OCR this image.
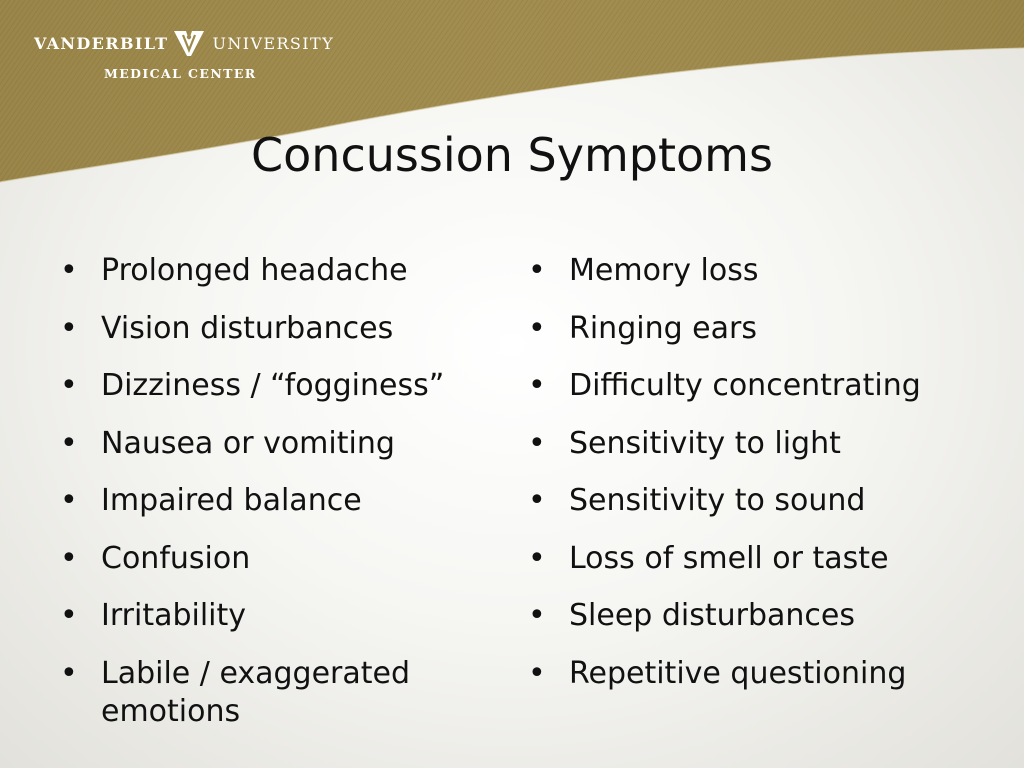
VANDERBILT	UNIVERSITY
MEDICAL CENTER
Concussion Symptoms
• Prolonged headache
• Vision disturbances
• Dizziness / “fogginess”
• Nausea or vomiting
• Impaired balance
• Confusion
• Irritability
• Labile / exaggerated emotions
• Memory loss
• Ringing ears
• Difficulty concentrating
• Sensitivity to light
• Sensitivity to sound
• Loss of smell or taste
• Sleep disturbances
• Repetitive questioning
